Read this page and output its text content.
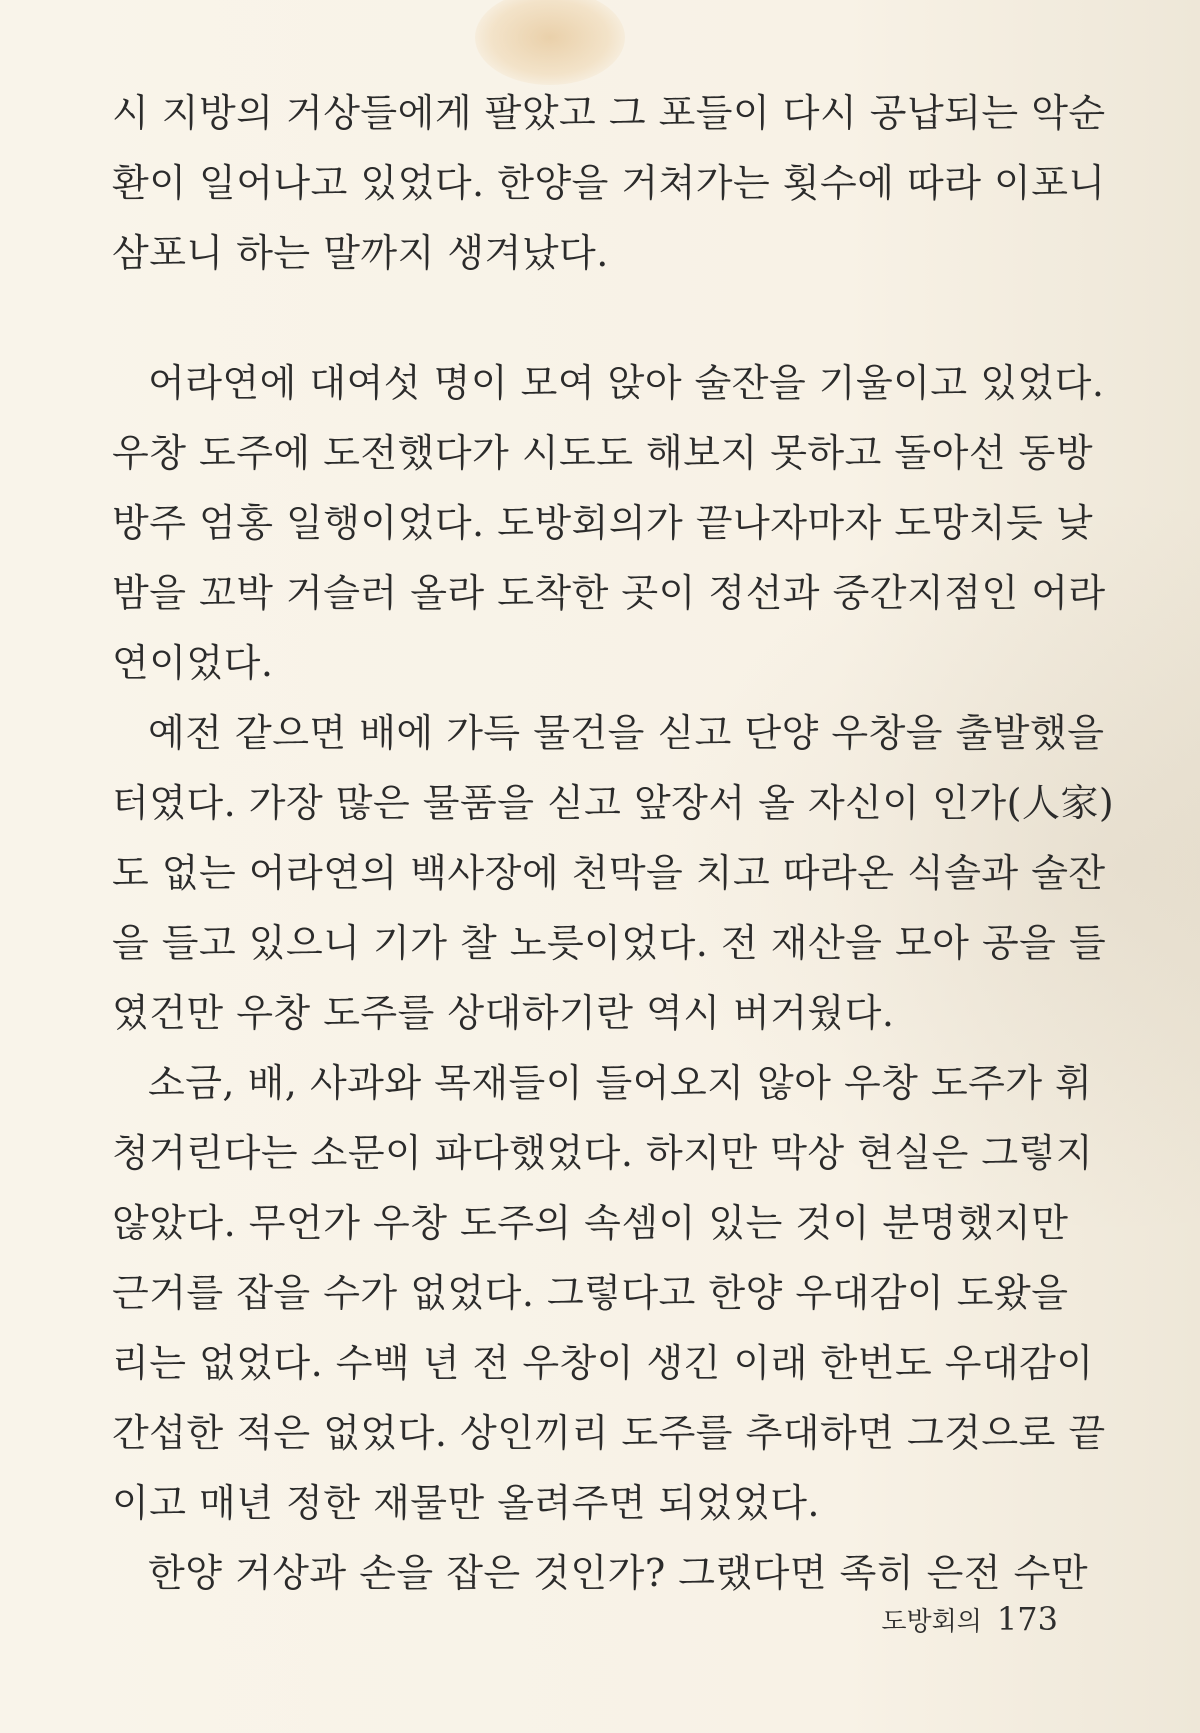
시 지방의 거상들에게 팔았고 그 포들이 다시 공납되는 악순
환이 일어나고 있었다. 한양을 거쳐가는 횟수에 따라 이포니
삼포니 하는 말까지 생겨났다.
어라연에 대여섯 명이 모여 앉아 술잔을 기울이고 있었다.
우창 도주에 도전했다가 시도도 해보지 못하고 돌아선 동방
방주 엄홍 일행이었다. 도방회의가 끝나자마자 도망치듯 낮
밤을 꼬박 거슬러 올라 도착한 곳이 정선과 중간지점인 어라
연이었다.
예전 같으면 배에 가득 물건을 싣고 단양 우창을 출발했을
터였다. 가장 많은 물품을 싣고 앞장서 올 자신이 인가(人家)
도 없는 어라연의 백사장에 천막을 치고 따라온 식솔과 술잔
을 들고 있으니 기가 찰 노릇이었다. 전 재산을 모아 공을 들
였건만 우창 도주를 상대하기란 역시 버거웠다.
소금, 배, 사과와 목재들이 들어오지 않아 우창 도주가 휘
청거린다는 소문이 파다했었다. 하지만 막상 현실은 그렇지
않았다. 무언가 우창 도주의 속셈이 있는 것이 분명했지만
근거를 잡을 수가 없었다. 그렇다고 한양 우대감이 도왔을
리는 없었다. 수백 년 전 우창이 생긴 이래 한번도 우대감이
간섭한 적은 없었다. 상인끼리 도주를 추대하면 그것으로 끝
이고 매년 정한 재물만 올려주면 되었었다.
한양 거상과 손을 잡은 것인가? 그랬다면 족히 은전 수만
도방회의 173
